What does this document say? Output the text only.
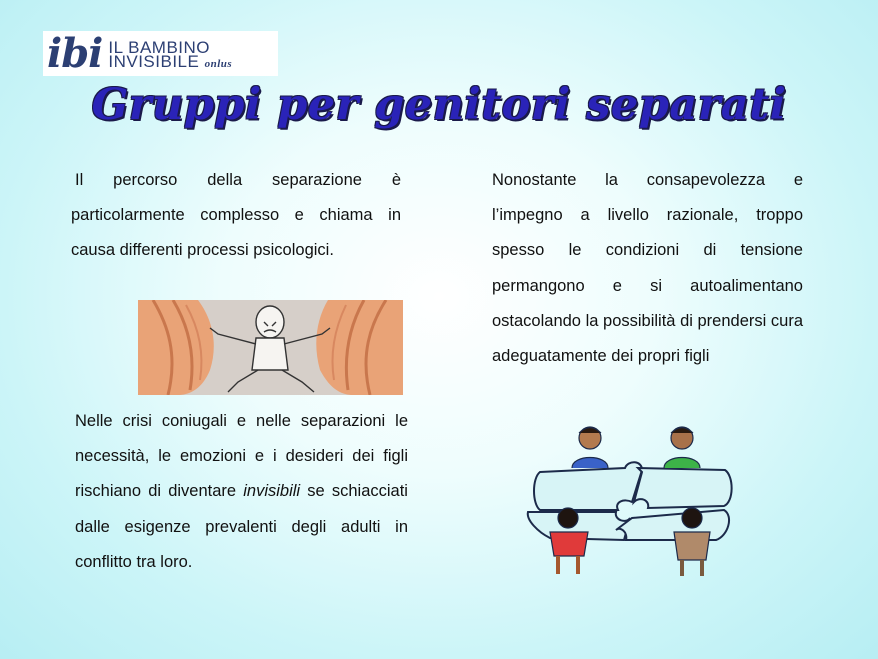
ibi IL BAMBINO
INVISIBILE onlus
Gruppi per genitori separati

Il percorso della separazione è particolarmente complesso e chiama in causa differenti processi psicologici.

Nelle crisi coniugali e nelle separazioni le necessità, le emozioni e i desideri dei figli rischiano di diventare invisibili se schiacciati dalle esigenze prevalenti degli adulti in conflitto tra loro.

Nonostante la consapevolezza e l’impegno a livello razionale, troppo spesso le condizioni di tensione permangono e si autoalimentano ostacolando la possibilità di prendersi cura adeguatamente dei propri figli
